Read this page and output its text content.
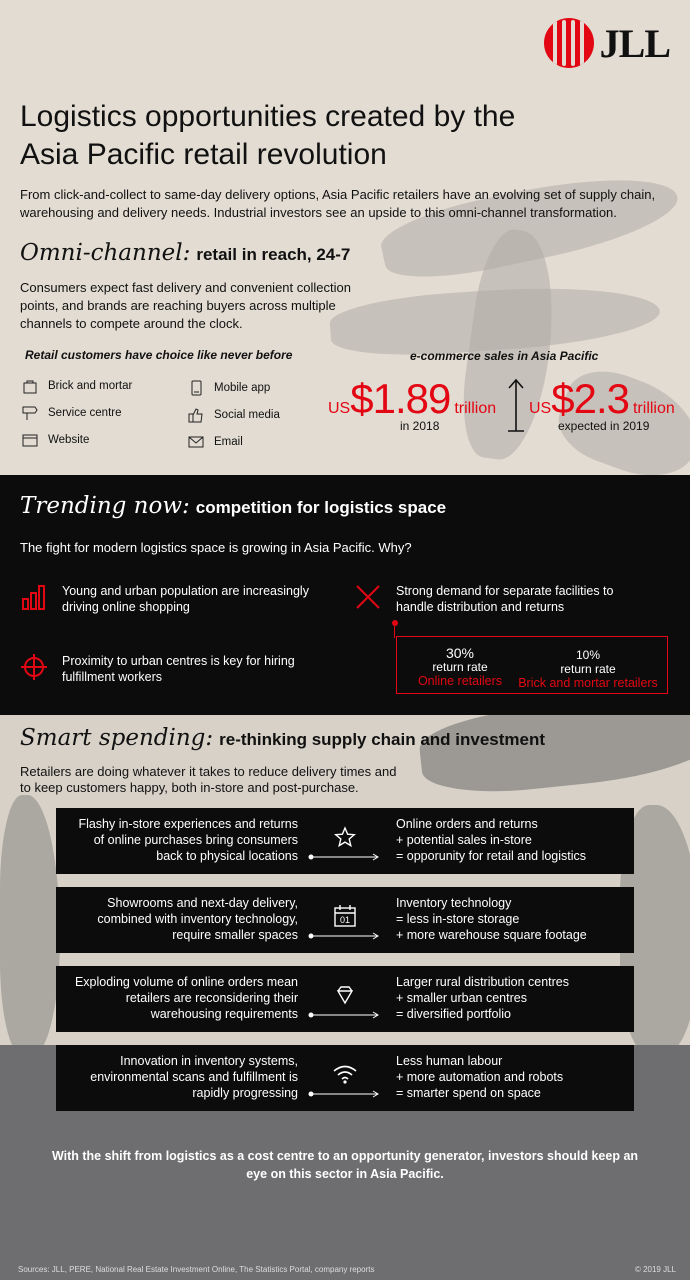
JLL
Logistics opportunities created by the Asia Pacific retail revolution

From click-and-collect to same-day delivery options, Asia Pacific retailers have an evolving set of supply chain, warehousing and delivery needs. Industrial investors see an upside to this omni-channel transformation.

Omni-channel: retail in reach, 24-7

Consumers expect fast delivery and convenient collection points, and brands are reaching buyers across multiple channels to compete around the clock.

Retail customers have choice like never before
Brick and mortar
Service centre
Website
Mobile app
Social media
Email
e-commerce sales in Asia Pacific
US $1.89 trillion
in 2018
US $2.3 trillion
expected in 2019
Trending now: competition for logistics space

The fight for modern logistics space is growing in Asia Pacific. Why?

Young and urban population are increasingly driving online shopping
Strong demand for separate facilities to handle distribution and returns
Proximity to urban centres is key for hiring fulfillment workers
30%
return rate
Online retailers
10%
return rate
Brick and mortar retailers
Smart spending: re-thinking supply chain and investment

Retailers are doing whatever it takes to reduce delivery times and to keep customers happy, both in-store and post-purchase.

Flashy in-store experiences and returns of online purchases bring consumers back to physical locations
Online orders and returns
+ potential sales in-store
= opporunity for retail and logistics
Showrooms and next-day delivery, combined with inventory technology, require smaller spaces
01
Inventory technology
= less in-store storage
+ more warehouse square footage
Exploding volume of online orders mean retailers are reconsidering their warehousing requirements
Larger rural distribution centres
+ smaller urban centres
= diversified portfolio
Innovation in inventory systems, environmental scans and fulfillment is rapidly progressing
Less human labour
+ more automation and robots
= smarter spend on space

With the shift from logistics as a cost centre to an opportunity generator, investors should keep an eye on this sector in Asia Pacific.

Sources: JLL, PERE, National Real Estate Investment Online, The Statistics Portal, company reports	© 2019 JLL
